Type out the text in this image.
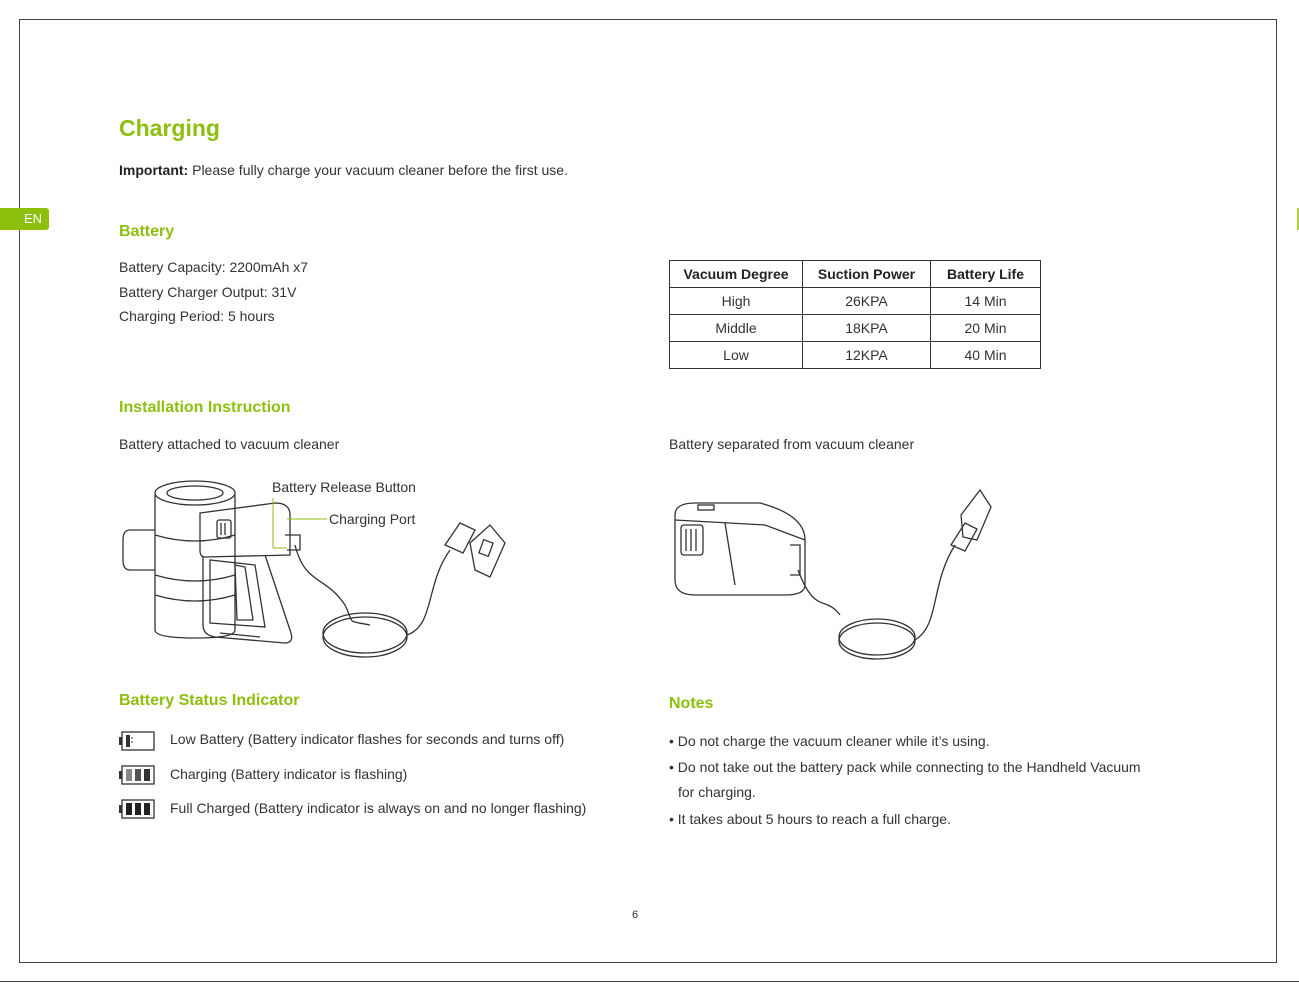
EN
Charging
Important: Please fully charge your vacuum cleaner before the first use.
Battery
Battery Capacity: 2200mAh x7
Battery Charger Output: 31V
Charging Period: 5 hours
Vacuum Degree	Suction Power	Battery Life
High	26KPA	14 Min
Middle	18KPA	20 Min
Low	12KPA	40 Min
Installation Instruction
Battery attached to vacuum cleaner	Battery separated from vacuum cleaner
Battery Release Button
Charging Port
Battery Status Indicator
Low Battery (Battery indicator flashes for seconds and turns off)
Charging (Battery indicator is flashing)
Full Charged (Battery indicator is always on and no longer flashing)
Notes
• Do not charge the vacuum cleaner while it’s using.
• Do not take out the battery pack while connecting to the Handheld Vacuum
for charging.
• It takes about 5 hours to reach a full charge.
6
